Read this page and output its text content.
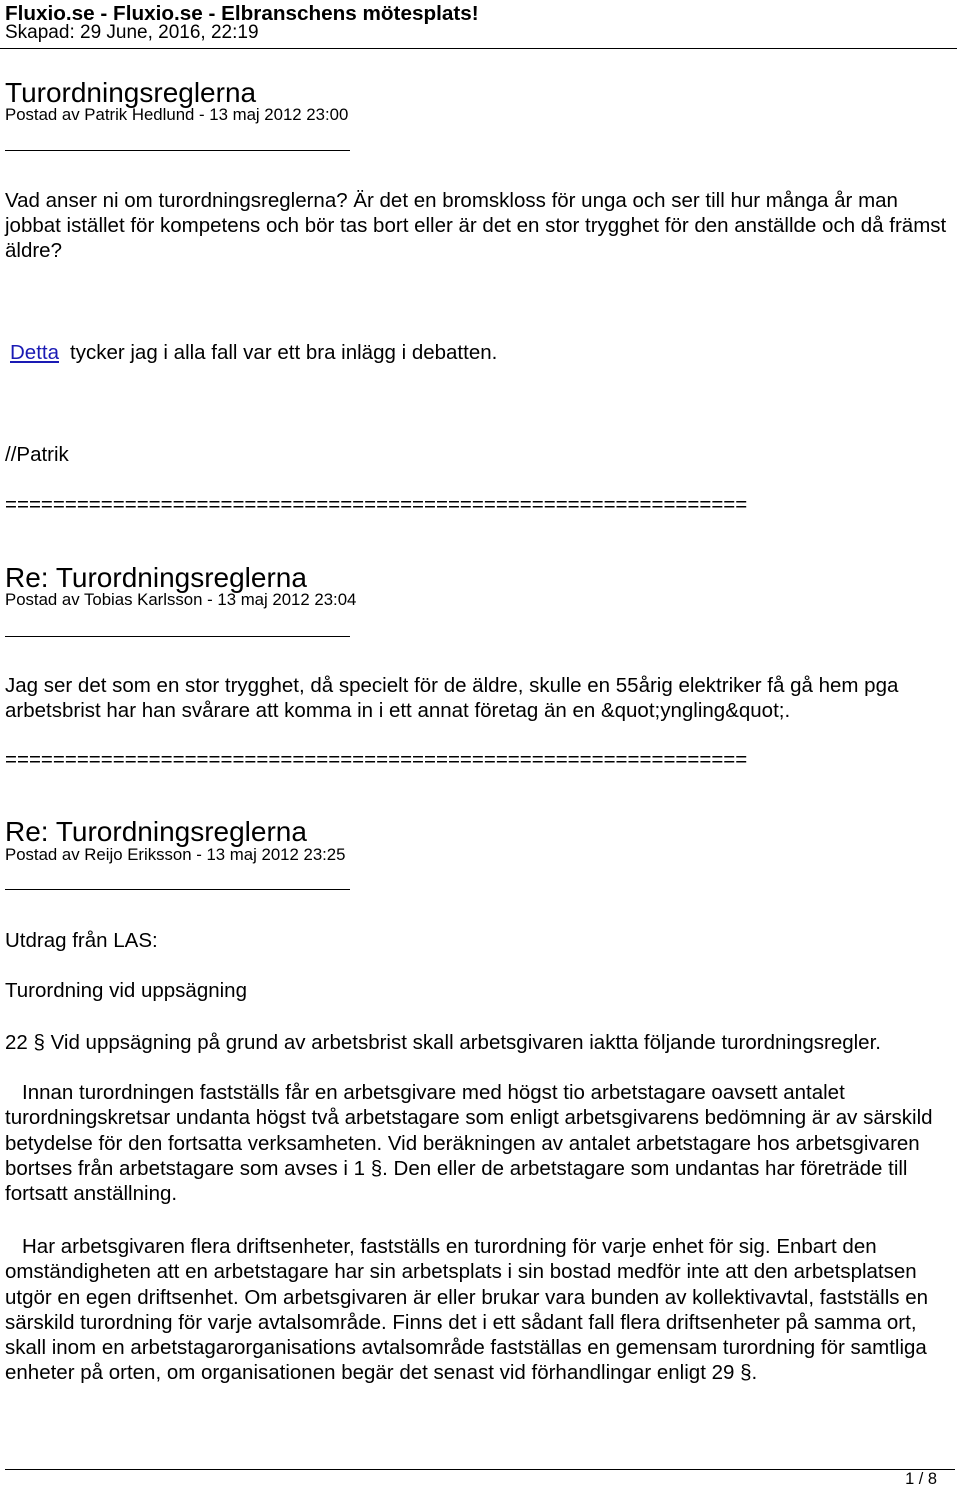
Fluxio.se - Fluxio.se - Elbranschens mötesplats!
Skapad: 29 June, 2016, 22:19
Turordningsreglerna
Postad av Patrik Hedlund - 13 maj 2012 23:00
Vad anser ni om turordningsreglerna? Är det en bromskloss för unga och ser till hur många år man
jobbat istället för kompetens och bör tas bort eller är det en stor trygghet för den anställde och då främst
äldre?
Detta tycker jag i alla fall var ett bra inlägg i debatten.
//Patrik
==============================================================
Re: Turordningsreglerna
Postad av Tobias Karlsson - 13 maj 2012 23:04
Jag ser det som en stor trygghet, då specielt för de äldre, skulle en 55årig elektriker få gå hem pga
arbetsbrist har han svårare att komma in i ett annat företag än en &quot;yngling&quot;.
==============================================================
Re: Turordningsreglerna
Postad av Reijo Eriksson - 13 maj 2012 23:25
Utdrag från LAS:
Turordning vid uppsägning
22 § Vid uppsägning på grund av arbetsbrist skall arbetsgivaren iaktta följande turordningsregler.
Innan turordningen fastställs får en arbetsgivare med högst tio arbetstagare oavsett antalet
turordningskretsar undanta högst två arbetstagare som enligt arbetsgivarens bedömning är av särskild
betydelse för den fortsatta verksamheten. Vid beräkningen av antalet arbetstagare hos arbetsgivaren
bortses från arbetstagare som avses i 1 §. Den eller de arbetstagare som undantas har företräde till
fortsatt anställning.
Har arbetsgivaren flera driftsenheter, fastställs en turordning för varje enhet för sig. Enbart den
omständigheten att en arbetstagare har sin arbetsplats i sin bostad medför inte att den arbetsplatsen
utgör en egen driftsenhet. Om arbetsgivaren är eller brukar vara bunden av kollektivavtal, fastställs en
särskild turordning för varje avtalsområde. Finns det i ett sådant fall flera driftsenheter på samma ort,
skall inom en arbetstagarorganisations avtalsområde fastställas en gemensam turordning för samtliga
enheter på orten, om organisationen begär det senast vid förhandlingar enligt 29 §.
1 / 8
